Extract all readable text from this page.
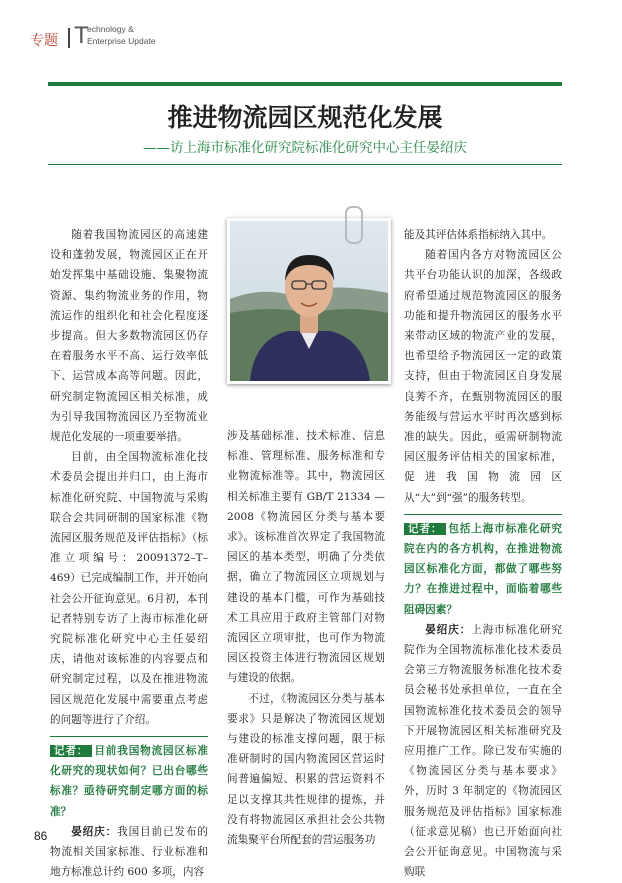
专题 T
echnology &
Enterprise Update
推进物流园区规范化发展
——访上海市标准化研究院标准化研究中心主任晏绍庆

随着我国物流园区的高速建设和蓬勃发展，物流园区正在开始发挥集中基础设施、集聚物流资源、集约物流业务的作用，物流运作的组织化和社会化程度逐步提高。但大多数物流园区仍存在着服务水平不高、运行效率低下、运营成本高等问题。因此，研究制定物流园区相关标准，成为引导我国物流园区乃至物流业规范化发展的一项重要举措。

目前，由全国物流标准化技术委员会提出并归口，由上海市标准化研究院、中国物流与采购联合会共同研制的国家标准《物流园区服务规范及评估指标》（标准立项编号：20091372–T–469）已完成编制工作，并开始向社会公开征询意见。6月初，本刊记者特别专访了上海市标准化研究院标准化研究中心主任晏绍庆，请他对该标准的内容要点和研究制定过程，以及在推进物流园区规范化发展中需要重点考虑的问题等进行了介绍。

记者： 目前我国物流园区标准化研究的现状如何？已出台哪些标准？亟待研究制定哪方面的标准？

晏绍庆：我国目前已发布的物流相关国家标准、行业标准和地方标准总计约 600 多项，内容

涉及基础标准、技术标准、信息标准、管理标准、服务标准和专业物流标准等。其中，物流园区相关标准主要有 GB/T 21334 — 2008《物流园区分类与基本要求》。该标准首次界定了我国物流园区的基本类型，明确了分类依据，确立了物流园区立项规划与建设的基本门槛，可作为基础技术工具应用于政府主管部门对物流园区立项审批，也可作为物流园区投资主体进行物流园区规划与建设的依据。

不过，《物流园区分类与基本要求》只是解决了物流园区规划与建设的标准支撑问题，限于标准研制时的国内物流园区营运时间普遍偏短、积累的营运资料不足以支撑其共性规律的提炼，并没有将物流园区承担社会公共物流集聚平台所配套的营运服务功

能及其评估体系指标纳入其中。

随着国内各方对物流园区公共平台功能认识的加深，各级政府希望通过规范物流园区的服务功能和提升物流园区的服务水平来带动区域的物流产业的发展，也希望给予物流园区一定的政策支持，但由于物流园区自身发展良莠不齐，在甄别物流园区的服务能级与营运水平时再次感到标准的缺失。因此，亟需研制物流园区服务评估相关的国家标准，促进我国物流园区从“大”到“强”的服务转型。

记者： 包括上海市标准化研究院在内的各方机构，在推进物流园区标准化方面，都做了哪些努力？在推进过程中，面临着哪些阻碍因素？

晏绍庆：上海市标准化研究院作为全国物流标准化技术委员会第三方物流服务标准化技术委员会秘书处承担单位，一直在全国物流标准化技术委员会的领导下开展物流园区相关标准研究及应用推广工作。除已发布实施的《物流园区分类与基本要求》外，历时 3 年制定的《物流园区服务规范及评估指标》国家标准（征求意见稿）也已开始面向社会公开征询意见。中国物流与采购联

86
